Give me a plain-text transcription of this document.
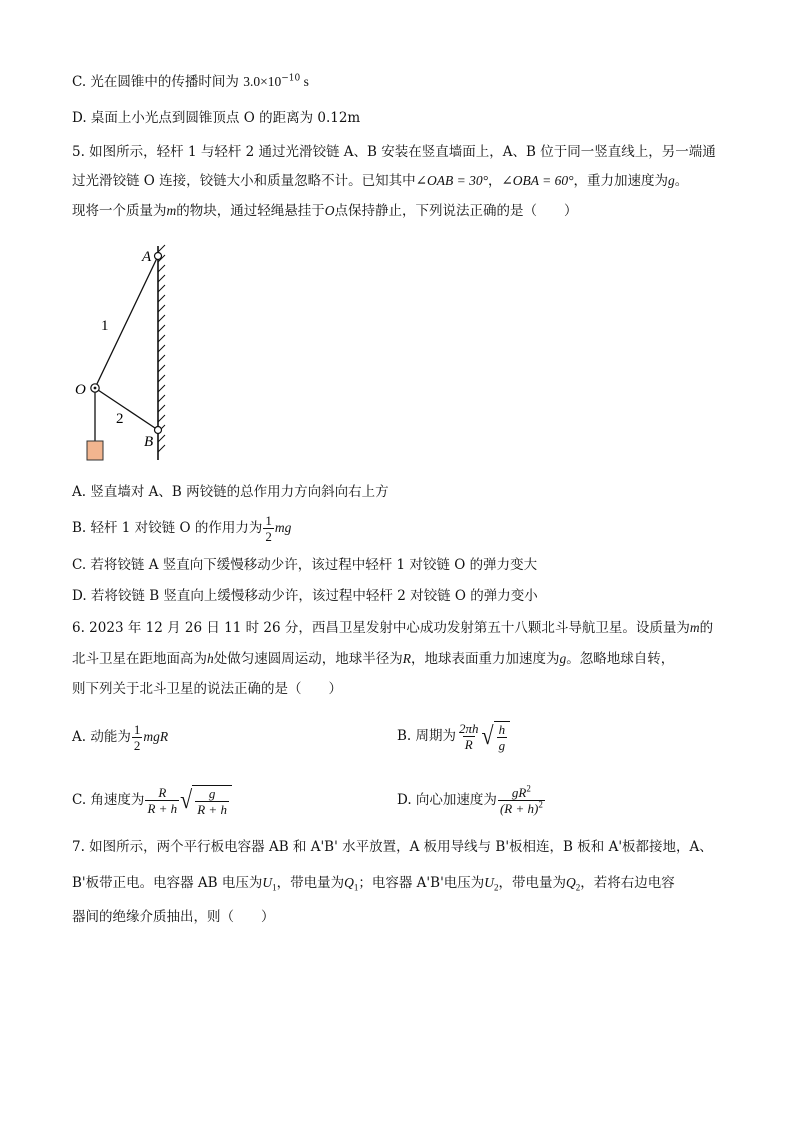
C. 光在圆锥中的传播时间为 $3.0\times 10^{-10}$ s
D. 桌面上小光点到圆锥顶点 O 的距离为 0.12m
5. 如图所示，轻杆 1 与轻杆 2 通过光滑铰链 A、B 安装在竖直墙面上，A、B 位于同一竖直线上，另一端通
过光滑铰链 O 连接，铰链大小和质量忽略不计。已知其中∠OAB = 30°，∠OBA = 60°，重力加速度为g。
现将一个质量为m的物块，通过轻绳悬挂于O点保持静止，下列说法正确的是（　　）
A
B
O
1
2
A. 竖直墙对 A、B 两铰链的总作用力方向斜向右上方
B. 轻杆 1 对铰链 O 的作用力为 $\frac{1}{2}$ mg
C. 若将铰链 A 竖直向下缓慢移动少许，该过程中轻杆 1 对铰链 O 的弹力变大
D. 若将铰链 B 竖直向上缓慢移动少许，该过程中轻杆 2 对铰链 O 的弹力变小
6. 2023 年 12 月 26 日 11 时 26 分，西昌卫星发射中心成功发射第五十八颗北斗导航卫星。设质量为m的
北斗卫星在距地面高为h处做匀速圆周运动，地球半径为R，地球表面重力加速度为g。忽略地球自转，
则下列关于北斗卫星的说法正确的是（　　）
A. 动能为 $\frac{1}{2}$ mgR	B. 周期为 $\frac{2\pi h}{R}$ √ $\frac{h}{g}$
C. 角速度为 $\frac{R}{R + h}$ √ $\frac{g}{R + h}$	D. 向心加速度为 $\frac{gR^2}{(R + h)^2}$
7. 如图所示，两个平行板电容器 AB 和 A'B' 水平放置，A 板用导线与 B'板相连，B 板和 A'板都接地，A、
B'板带正电。电容器 AB 电压为$U_1$，带电量为$Q_1$；电容器 A'B'电压为$U_2$，带电量为$Q_2$，若将右边电容
器间的绝缘介质抽出，则（　　）
